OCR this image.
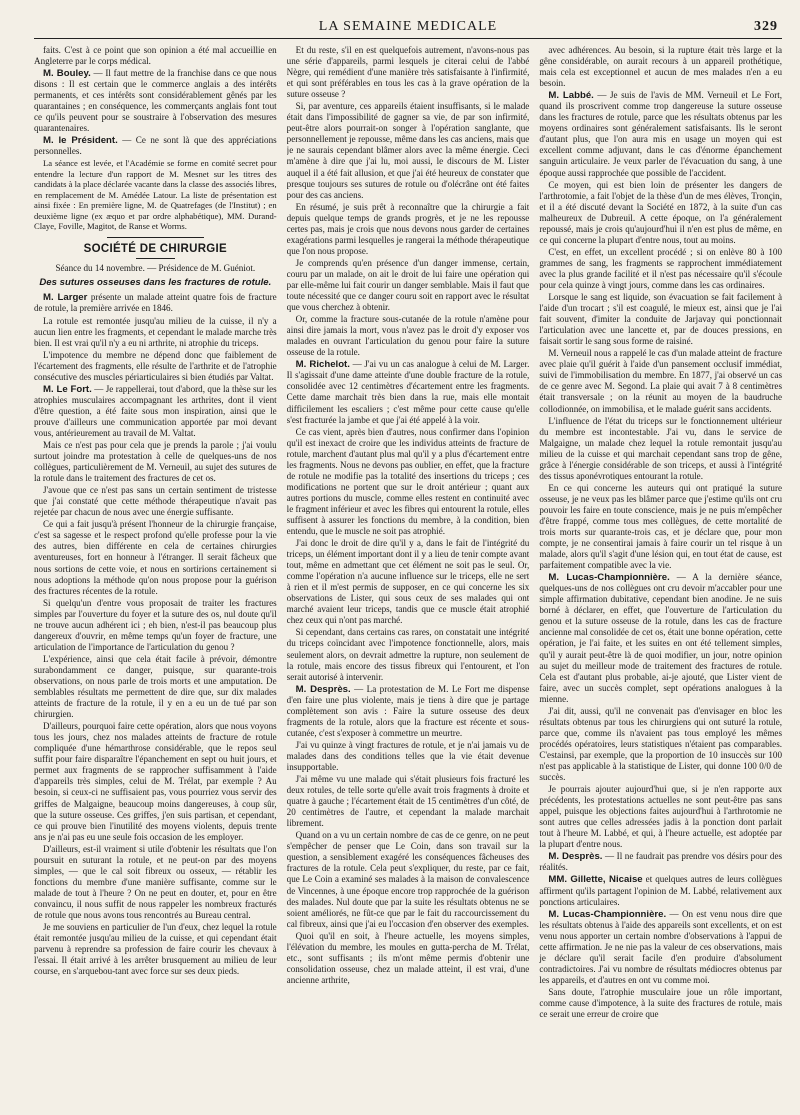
LA SEMAINE MEDICALE	329

faits. C'est à ce point que son opinion a été mal accueillie en Angleterre par le corps médical.

M. Bouley. — Il faut mettre de la franchise dans ce que nous disons : Il est certain que le commerce anglais a des intérêts permanents, et ces intérêts sont considérablement gênés par les quarantaines ; en conséquence, les commerçants anglais font tout ce qu'ils peuvent pour se soustraire à l'observation des mesures quarantenaires.

M. le Président. — Ce ne sont là que des appréciations personnelles.

La séance est levée, et l'Académie se forme en comité secret pour entendre la lecture d'un rapport de M. Mesnet sur les titres des candidats à la place déclarée vacante dans la classe des associés libres, en remplacement de M. Amédée Latour. La liste de présentation est ainsi fixée : En première ligne, M. de Quatrefages (de l'Institut) ; en deuxième ligne (ex æquo et par ordre alphabétique), MM. Durand-Claye, Foville, Magitot, de Ranse et Worms.

SOCIÉTÉ DE CHIRURGIE
Séance du 14 novembre. — Présidence de M. Guéniot.
Des sutures osseuses dans les fractures de rotule.

M. Larger présente un malade atteint quatre fois de fracture de rotule, la première arrivée en 1846.

La rotule est remontée jusqu'au milieu de la cuisse, il n'y a aucun lien entre les fragments, et cependant le malade marche très bien. Il est vrai qu'il n'y a eu ni arthrite, ni atrophie du triceps.

L'impotence du membre ne dépend donc que faiblement de l'écartement des fragments, elle résulte de l'arthrite et de l'atrophie consécutive des muscles périarticulaires si bien étudiés par Valtat.

M. Le Fort. — Je rappellerai, tout d'abord, que la thèse sur les atrophies musculaires accompagnant les arthrites, dont il vient d'être question, a été faite sous mon inspiration, ainsi que le prouve d'ailleurs une communication apportée par moi devant vous, antérieurement au travail de M. Valtat.

Mais ce n'est pas pour cela que je prends la parole ; j'ai voulu surtout joindre ma protestation à celle de quelques-uns de nos collègues, particulièrement de M. Verneuil, au sujet des sutures de la rotule dans le traitement des fractures de cet os.

J'avoue que ce n'est pas sans un certain sentiment de tristesse que j'ai constaté que cette méthode thérapeutique n'avait pas rejetée par chacun de nous avec une énergie suffisante.

Ce qui a fait jusqu'à présent l'honneur de la chirurgie française, c'est sa sagesse et le respect profond qu'elle professe pour la vie des autres, bien différente en cela de certaines chirurgies aventureuses, fort en honneur à l'étranger. Il serait fâcheux que nous sortions de cette voie, et nous en sortirions certainement si nous adoptions la méthode qu'on nous propose pour la guérison des fractures récentes de la rotule.

Si quelqu'un d'entre vous proposait de traiter les fractures simples par l'ouverture du foyer et la suture des os, nul doute qu'il ne trouve aucun adhérent ici ; eh bien, n'est-il pas beaucoup plus dangereux d'ouvrir, en même temps qu'un foyer de fracture, une articulation de l'importance de l'articulation du genou ?

L'expérience, ainsi que cela était facile à prévoir, démontre surabondamment ce danger, puisque, sur quarante-trois observations, on nous parle de trois morts et une amputation. De semblables résultats me permettent de dire que, sur dix malades atteints de fracture de la rotule, il y en a eu un de tué par son chirurgien.

D'ailleurs, pourquoi faire cette opération, alors que nous voyons tous les jours, chez nos malades atteints de fracture de rotule compliquée d'une hémarthrose considérable, que le repos seul suffit pour faire disparaître l'épanchement en sept ou huit jours, et permet aux fragments de se rapprocher suffisamment à l'aide d'appareils très simples, celui de M. Trélat, par exemple ? Au besoin, si ceux-ci ne suffisaient pas, vous pourriez vous servir des griffes de Malgaigne, beaucoup moins dangereuses, à coup sûr, que la suture osseuse. Ces griffes, j'en suis partisan, et cependant, ce qui prouve bien l'inutilité des moyens violents, depuis trente ans je n'ai pas eu une seule fois occasion de les employer.

D'ailleurs, est-il vraiment si utile d'obtenir les résultats que l'on poursuit en suturant la rotule, et ne peut-on par des moyens simples, — que le cal soit fibreux ou osseux, — rétablir les fonctions du membre d'une manière suffisante, comme sur le malade de tout à l'heure ? On ne peut en douter, et, pour en être convaincu, il nous suffit de nous rappeler les nombreux fracturés de rotule que nous avons tous rencontrés au Bureau central.

Je me souviens en particulier de l'un d'eux, chez lequel la rotule était remontée jusqu'au milieu de la cuisse, et qui cependant était parvenu à reprendre sa profession de faire courir les chevaux à l'essai. Il était arrivé à les arrêter brusquement au milieu de leur course, en s'arquebou-tant avec force sur ses deux pieds.

Et du reste, s'il en est quelquefois autrement, n'avons-nous pas une série d'appareils, parmi lesquels je citerai celui de l'abbé Nègre, qui remédient d'une manière très satisfaisante à l'infirmité, et qui sont préférables en tous les cas à la grave opération de la suture osseuse ?

Si, par aventure, ces appareils étaient insuffisants, si le malade était dans l'impossibilité de gagner sa vie, de par son infirmité, peut-être alors pourrait-on songer à l'opération sanglante, que personnellement je repousse, même dans les cas anciens, mais que je ne saurais cependant blâmer alors avec la même énergie. Ceci m'amène à dire que j'ai lu, moi aussi, le discours de M. Lister auquel il a été fait allusion, et que j'ai été heureux de constater que presque toujours ses sutures de rotule ou d'olécrâne ont été faites pour des cas anciens.

En résumé, je suis prêt à reconnaître que la chirurgie a fait depuis quelque temps de grands progrès, et je ne les repousse certes pas, mais je crois que nous devons nous garder de certaines exagérations parmi lesquelles je rangerai la méthode thérapeutique que l'on nous propose.

Je comprends qu'en présence d'un danger immense, certain, couru par un malade, on ait le droit de lui faire une opération qui par elle-même lui fait courir un danger semblable. Mais il faut que toute nécessité que ce danger couru soit en rapport avec le résultat que vous cherchez à obtenir.

Or, comme la fracture sous-cutanée de la rotule n'amène pour ainsi dire jamais la mort, vous n'avez pas le droit d'y exposer vos malades en ouvrant l'articulation du genou pour faire la suture osseuse de la rotule.

M. Richelot. — J'ai vu un cas analogue à celui de M. Larger. Il s'agissait d'une dame atteinte d'une double fracture de la rotule, consolidée avec 12 centimètres d'écartement entre les fragments. Cette dame marchait très bien dans la rue, mais elle montait difficilement les escaliers ; c'est même pour cette cause qu'elle s'est fracturée la jambe et que j'ai été appelé à la voir.

Ce cas vient, après bien d'autres, nous confirmer dans l'opinion qu'il est inexact de croire que les individus atteints de fracture de rotule, marchent d'autant plus mal qu'il y a plus d'écartement entre les fragments. Nous ne devons pas oublier, en effet, que la fracture de rotule ne modifie pas la totalité des insertions du triceps ; ces modifications ne portent que sur le droit antérieur ; quant aux autres portions du muscle, comme elles restent en continuité avec le fragment inférieur et avec les fibres qui entourent la rotule, elles suffisent à assurer les fonctions du membre, à la condition, bien entendu, que le muscle ne soit pas atrophié.

J'ai donc le droit de dire qu'il y a, dans le fait de l'intégrité du triceps, un élément important dont il y a lieu de tenir compte avant tout, même en admettant que cet élément ne soit pas le seul. Or, comme l'opération n'a aucune influence sur le triceps, elle ne sert à rien et il m'est permis de supposer, en ce qui concerne les six observations de Lister, qui sous ceux de ses malades qui ont marché avaient leur triceps, tandis que ce muscle était atrophié chez ceux qui n'ont pas marché.

Si cependant, dans certains cas rares, on constatait une intégrité du triceps coïncidant avec l'impotence fonctionnelle, alors, mais seulement alors, on devrait admettre la rupture, non seulement de la rotule, mais encore des tissus fibreux qui l'entourent, et l'on serait autorisé à intervenir.

M. Desprès. — La protestation de M. Le Fort me dispense d'en faire une plus violente, mais je tiens à dire que je partage complètement son avis : Faire la suture osseuse des deux fragments de la rotule, alors que la fracture est récente et sous-cutanée, c'est s'exposer à commettre un meurtre.

J'ai vu quinze à vingt fractures de rotule, et je n'ai jamais vu de malades dans des conditions telles que la vie était devenue insupportable.

J'ai même vu une malade qui s'était plusieurs fois fracturé les deux rotules, de telle sorte qu'elle avait trois fragments à droite et quatre à gauche ; l'écartement était de 15 centimètres d'un côté, de 20 centimètres de l'autre, et cependant la malade marchait librement.

Quand on a vu un certain nombre de cas de ce genre, on ne peut s'empêcher de penser que Le Coin, dans son travail sur la question, a sensiblement exagéré les conséquences fâcheuses des fractures de la rotule. Cela peut s'expliquer, du reste, par ce fait, que Le Coin a examiné ses malades à la maison de convalescence de Vincennes, à une époque encore trop rapprochée de la guérison des malades. Nul doute que par la suite les résultats obtenus ne se soient améliorés, ne fût-ce que par le fait du raccourcissement du cal fibreux, ainsi que j'ai eu l'occasion d'en observer des exemples.

Quoi qu'il en soit, à l'heure actuelle, les moyens simples, l'élévation du membre, les moules en gutta-percha de M. Trélat, etc., sont suffisants ; ils m'ont même permis d'obtenir une consolidation osseuse, chez un malade atteint, il est vrai, d'une ancienne arthrite,

avec adhérences. Au besoin, si la rupture était très large et la gêne considérable, on aurait recours à un appareil prothétique, mais cela est exceptionnel et aucun de mes malades n'en a eu besoin.

M. Labbé. — Je suis de l'avis de MM. Verneuil et Le Fort, quand ils proscrivent comme trop dangereuse la suture osseuse dans les fractures de rotule, parce que les résultats obtenus par les moyens ordinaires sont généralement satisfaisants. Ils le seront d'autant plus, que l'on aura mis en usage un moyen qui est excellent comme adjuvant, dans le cas d'énorme épanchement sanguin articulaire. Je veux parler de l'évacuation du sang, à une époque aussi rapprochée que possible de l'accident.

Ce moyen, qui est bien loin de présenter les dangers de l'arthrotomie, a fait l'objet de la thèse d'un de mes élèves, Tronçin, et il a été discuté devant la Société en 1872, à la suite d'un cas malheureux de Dubreuil. A cette époque, on l'a généralement repoussé, mais je crois qu'aujourd'hui il n'en est plus de même, en ce qui concerne la plupart d'entre nous, tout au moins.

C'est, en effet, un excellent procédé ; si on enlève 80 à 100 grammes de sang, les fragments se rapprochent immédiatement avec la plus grande facilité et il n'est pas nécessaire qu'il s'écoule pour cela quinze à vingt jours, comme dans les cas ordinaires.

Lorsque le sang est liquide, son évacuation se fait facilement à l'aide d'un trocart ; s'il est coagulé, le mieux est, ainsi que je l'ai fait souvent, d'imiter la conduite de Jarjavay qui ponctionnait l'articulation avec une lancette et, par de douces pressions, en faisait sortir le sang sous forme de raisiné.

M. Verneuil nous a rappelé le cas d'un malade atteint de fracture avec plaie qu'il guérit à l'aide d'un pansement occlusif immédiat, suivi de l'immobilisation du membre. En 1877, j'ai observé un cas de ce genre avec M. Segond. La plaie qui avait 7 à 8 centimètres était transversale ; on la réunit au moyen de la baudruche collodionnée, on immobilisa, et le malade guérit sans accidents.

L'influence de l'état du triceps sur le fonctionnement ultérieur du membre est incontestable. J'ai vu, dans le service de Malgaigne, un malade chez lequel la rotule remontait jusqu'au milieu de la cuisse et qui marchait cependant sans trop de gêne, grâce à l'énergie considérable de son triceps, et aussi à l'intégrité des tissus aponévrotiques entourant la rotule.

En ce qui concerne les auteurs qui ont pratiqué la suture osseuse, je ne veux pas les blâmer parce que j'estime qu'ils ont cru pouvoir les faire en toute conscience, mais je ne puis m'empêcher d'être frappé, comme tous mes collègues, de cette mortalité de trois morts sur quarante-trois cas, et je déclare que, pour mon compte, je ne consentirai jamais à faire courir un tel risque à un malade, alors qu'il s'agit d'une lésion qui, en tout état de cause, est parfaitement compatible avec la vie.

M. Lucas-Championnière. — A la dernière séance, quelques-uns de nos collègues ont cru devoir m'accabler pour une simple affirmation dubitative, cependant bien anodine. Je ne suis borné à déclarer, en effet, que l'ouverture de l'articulation du genou et la suture osseuse de la rotule, dans les cas de fracture ancienne mal consolidée de cet os, était une bonne opération, cette opération, je l'ai faite, et les suites en ont été tellement simples, qu'il y aurait peut-être là de quoi modifier, un jour, notre opinion au sujet du meilleur mode de traitement des fractures de rotule. Cela est d'autant plus probable, ai-je ajouté, que Lister vient de faire, avec un succès complet, sept opérations analogues à la mienne.

J'ai dit, aussi, qu'il ne convenait pas d'envisager en bloc les résultats obtenus par tous les chirurgiens qui ont suturé la rotule, parce que, comme ils n'avaient pas tous employé les mêmes procédés opératoires, leurs statistiques n'étaient pas comparables. C'estainsi, par exemple, que la proportion de 10 insuccès sur 100 n'est pas applicable à la statistique de Lister, qui donne 100 0/0 de succès.

Je pourrais ajouter aujourd'hui que, si je n'en rapporte aux précédents, les protestations actuelles ne sont peut-être pas sans appel, puisque les objections faites aujourd'hui à l'arthrotomie ne sont autres que celles adressées jadis à la ponction dont parlait tout à l'heure M. Labbé, et qui, à l'heure actuelle, est adoptée par la plupart d'entre nous.

M. Desprès. — Il ne faudrait pas prendre vos désirs pour des réalités.

MM. Gillette, Nicaise et quelques autres de leurs collègues affirment qu'ils partagent l'opinion de M. Labbé, relativement aux ponctions articulaires.

M. Lucas-Championnière. — On est venu nous dire que les résultats obtenus à l'aide des appareils sont excellents, et on est venu nous apporter un certain nombre d'observations à l'appui de cette affirmation. Je ne nie pas la valeur de ces observations, mais je déclare qu'il serait facile d'en produire d'absolument contradictoires. J'ai vu nombre de résultats médiocres obtenus par les appareils, et d'autres en ont vu comme moi.

Sans doute, l'atrophie musculaire joue un rôle important, comme cause d'impotence, à la suite des fractures de rotule, mais ce serait une erreur de croire que
